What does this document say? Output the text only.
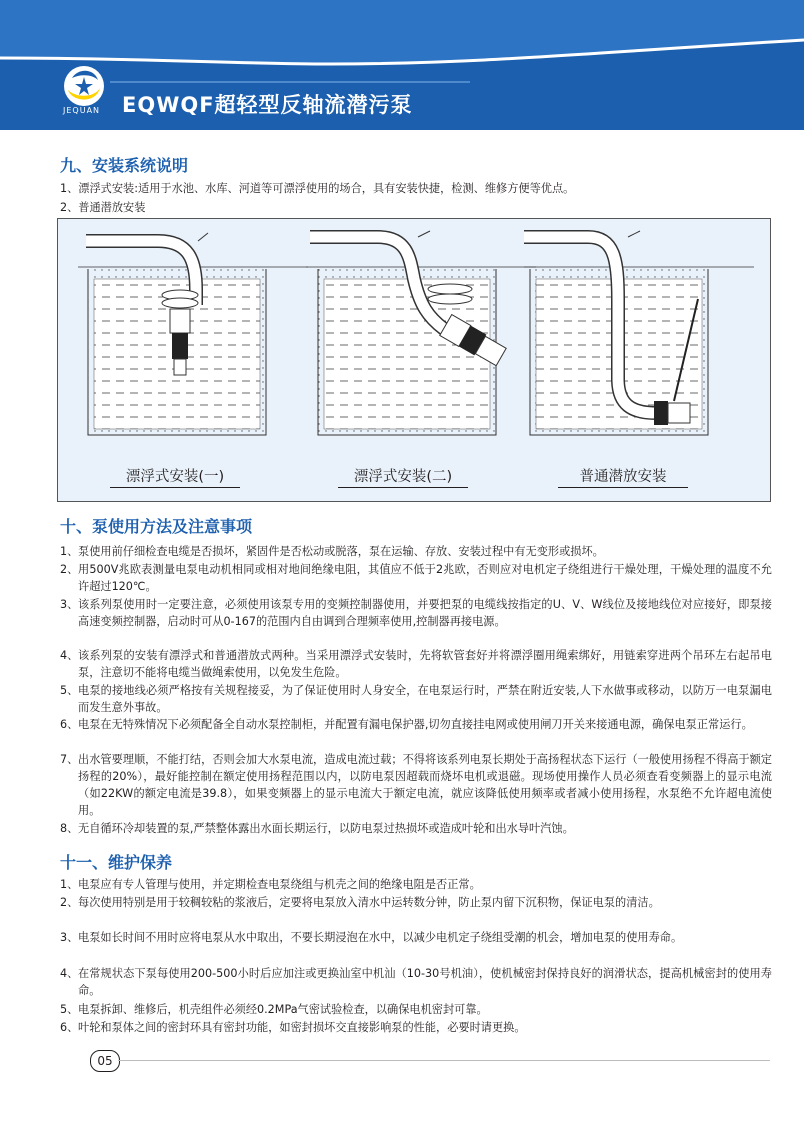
JEQUAN EQWQF超轻型反轴流潜污泵
九、安装系统说明
1、漂浮式安装:适用于水池、水库、河道等可漂浮使用的场合，具有安装快捷，检测、维修方便等优点。
2、普通潜放安装
漂浮式安装(一)	漂浮式安装(二)	普通潜放安装
十、泵使用方法及注意事项
1、 泵使用前仔细检查电缆是否损坏，紧固件是否松动或脱落，泵在运输、存放、安装过程中有无变形或损坏。
2、 用500V兆欧表测量电泵电动机相同或相对地间绝缘电阻，其值应不低于2兆欧，否则应对电机定子绕组进行干燥处理，干燥处理的温度不允许超过120℃。
3、 该系列泵使用时一定要注意，必须使用该泵专用的变频控制器使用，并要把泵的电缆线按指定的U、V、W线位及接地线位对应接好，即泵接高速变频控制器，启动时可从0-167的范围内自由调到合理频率使用,控制器再接电源。
4、 该系列泵的安装有漂浮式和普通潜放式两种。当采用漂浮式安装时，先将软管套好并将漂浮圈用绳索绑好，用链索穿进两个吊环左右起吊电泵，注意切不能将电缆当做绳索使用，以免发生危险。
5、 电泵的接地线必须严格按有关规程接妥，为了保证使用时人身安全，在电泵运行时，严禁在附近安装,人下水做事或移动，以防万一电泵漏电而发生意外事故。
6、 电泵在无特殊情况下必须配备全自动水泵控制柜，并配置有漏电保护器,切勿直接挂电网或使用闸刀开关来接通电源，确保电泵正常运行。
7、 出水管要理顺，不能打结，否则会加大水泵电流，造成电流过载；不得将该系列电泵长期处于高扬程状态下运行（一般使用扬程不得高于额定扬程的20%），最好能控制在额定使用扬程范围以内，以防电泵因超载而烧坏电机或退磁。现场使用操作人员必须查看变频器上的显示电流（如22KW的额定电流是39.8），如果变频器上的显示电流大于额定电流，就应该降低使用频率或者减小使用扬程，水泵绝不允许超电流使用。
8、 无自循环冷却装置的泵,严禁整体露出水面长期运行，以防电泵过热损坏或造成叶轮和出水导叶汽蚀。
十一、维护保养
1、 电泵应有专人管理与使用，并定期检查电泵绕组与机壳之间的绝缘电阻是否正常。
2、 每次使用特别是用于较稠较粘的浆液后，定要将电泵放入清水中运转数分钟，防止泵内留下沉积物，保证电泵的清洁。
3、 电泵如长时间不用时应将电泵从水中取出，不要长期浸泡在水中，以减少电机定子绕组受潮的机会，增加电泵的使用寿命。
4、 在常规状态下泵每使用200-500小时后应加注或更换汕室中机汕（10-30号机油），使机械密封保持良好的润滑状态，提高机械密封的使用寿命。
5、 电泵拆卸、维修后，机壳组件必须经0.2MPa气密试验检查，以确保电机密封可靠。
6、 叶轮和泵体之间的密封环具有密封功能，如密封损坏交直接影响泵的性能，必要时请更换。
05
